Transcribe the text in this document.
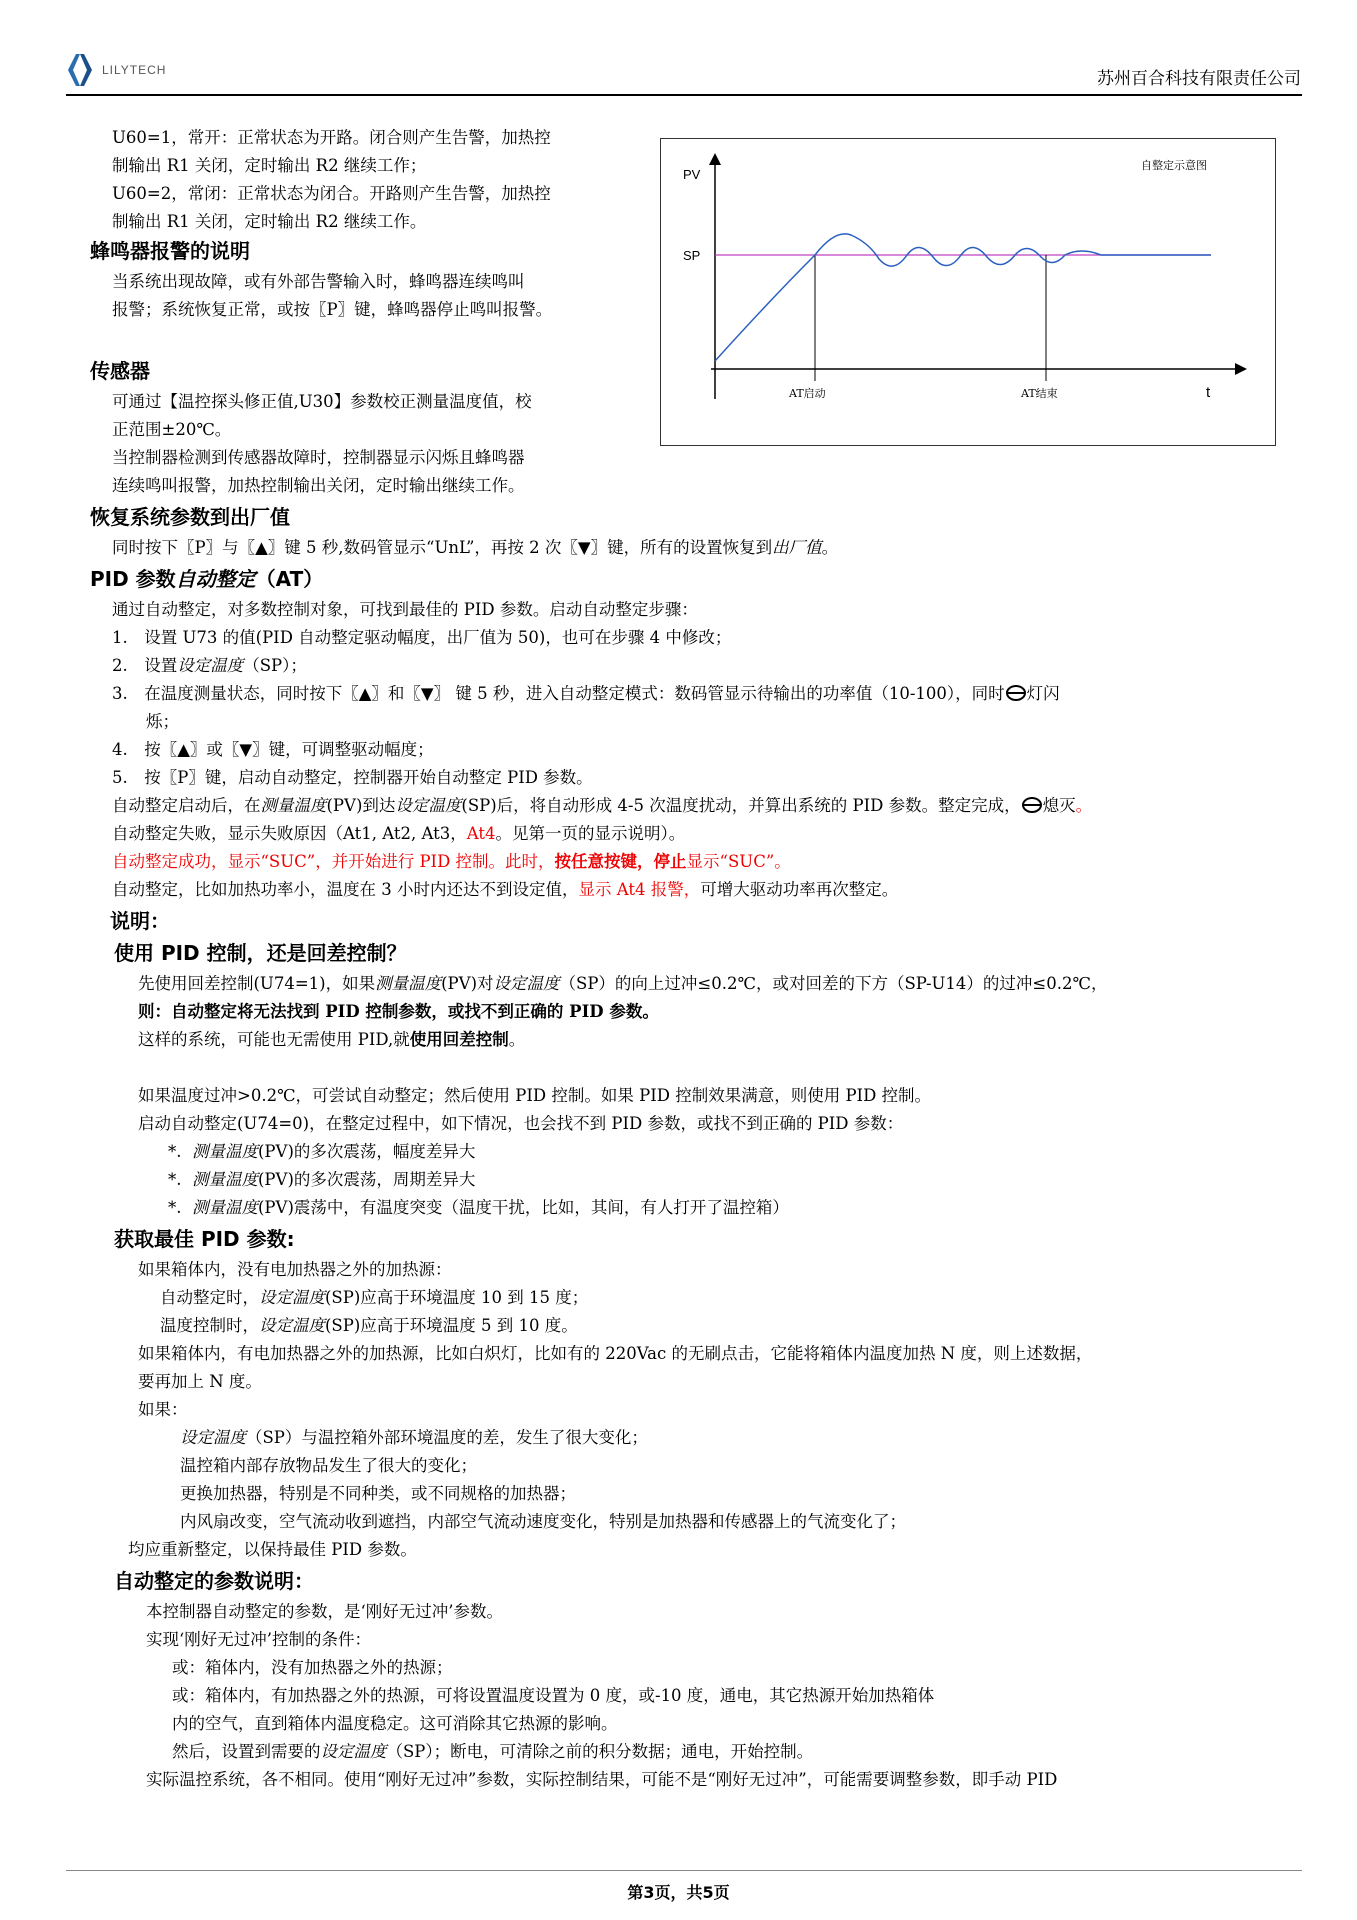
LILYTECH	苏州百合科技有限责任公司
PV
SP
自整定示意图
AT启动	AT结束	t
U60=1，常开：正常状态为开路。闭合则产生告警，加热控
制输出 R1 关闭，定时输出 R2 继续工作；
U60=2，常闭：正常状态为闭合。开路则产生告警，加热控
制输出 R1 关闭，定时输出 R2 继续工作。
蜂鸣器报警的说明
当系统出现故障，或有外部告警输入时，蜂鸣器连续鸣叫
报警；系统恢复正常，或按〖P〗键，蜂鸣器停止鸣叫报警。
传感器
可通过【温控探头修正值,U30】参数校正测量温度值，校
正范围±20℃。
当控制器检测到传感器故障时，控制器显示闪烁且蜂鸣器
连续鸣叫报警，加热控制输出关闭，定时输出继续工作。
恢复系统参数到出厂值
同时按下〖P〗与〖▲〗键 5 秒,数码管显示“UnL”，再按 2 次〖▼〗键，所有的设置恢复到出厂值。
PID 参数自动整定（AT）
通过自动整定，对多数控制对象，可找到最佳的 PID 参数。启动自动整定步骤：
1.　设置 U73 的值(PID 自动整定驱动幅度，出厂值为 50)，也可在步骤 4 中修改；
2.　设置设定温度（SP）；
3.　在温度测量状态，同时按下〖▲〗和〖▼〗 键 5 秒，进入自动整定模式：数码管显示待输出的功率值（10-100），同时 灯闪
烁；
4.　按〖▲〗或〖▼〗键，可调整驱动幅度；
5.　按〖P〗键，启动自动整定，控制器开始自动整定 PID 参数。
自动整定启动后，在测量温度(PV)到达设定温度(SP)后，将自动形成 4-5 次温度扰动，并算出系统的 PID 参数。整定完成， 熄灭。
自动整定失败，显示失败原因（At1, At2, At3，At4。见第一页的显示说明）。
自动整定成功，显示“SUC”，并开始进行 PID 控制。此时，按任意按键，停止显示“SUC”。
自动整定，比如加热功率小，温度在 3 小时内还达不到设定值，显示 At4 报警，可增大驱动功率再次整定。
说明：
使用 PID 控制，还是回差控制？
先使用回差控制(U74=1)，如果测量温度(PV)对设定温度（SP）的向上过冲≤0.2℃，或对回差的下方（SP-U14）的过冲≤0.2℃，
则：自动整定将无法找到 PID 控制参数，或找不到正确的 PID 参数。
这样的系统，可能也无需使用 PID,就使用回差控制。
如果温度过冲>0.2℃，可尝试自动整定；然后使用 PID 控制。如果 PID 控制效果满意，则使用 PID 控制。
启动自动整定(U74=0)，在整定过程中，如下情况，也会找不到 PID 参数，或找不到正确的 PID 参数：
*. 测量温度(PV)的多次震荡，幅度差异大
*. 测量温度(PV)的多次震荡，周期差异大
*. 测量温度(PV)震荡中，有温度突变（温度干扰，比如，其间，有人打开了温控箱）
获取最佳 PID 参数:
如果箱体内，没有电加热器之外的加热源：
自动整定时，设定温度(SP)应高于环境温度 10 到 15 度；
温度控制时，设定温度(SP)应高于环境温度 5 到 10 度。
如果箱体内，有电加热器之外的加热源，比如白炽灯，比如有的 220Vac 的无刷点击，它能将箱体内温度加热 N 度，则上述数据，
要再加上 N 度。
如果：
设定温度（SP）与温控箱外部环境温度的差，发生了很大变化；
温控箱内部存放物品发生了很大的变化；
更换加热器，特别是不同种类，或不同规格的加热器；
内风扇改变，空气流动收到遮挡，内部空气流动速度变化，特别是加热器和传感器上的气流变化了；
均应重新整定，以保持最佳 PID 参数。
自动整定的参数说明：
本控制器自动整定的参数，是‘刚好无过冲’参数。
实现‘刚好无过冲’控制的条件：
或：箱体内，没有加热器之外的热源；
或：箱体内，有加热器之外的热源，可将设置温度设置为 0 度，或-10 度，通电，其它热源开始加热箱体
内的空气，直到箱体内温度稳定。这可消除其它热源的影响。
然后，设置到需要的设定温度（SP）；断电，可清除之前的积分数据；通电，开始控制。
实际温控系统，各不相同。使用“刚好无过冲”参数，实际控制结果，可能不是“刚好无过冲”，可能需要调整参数，即手动 PID
第3页，共5页
